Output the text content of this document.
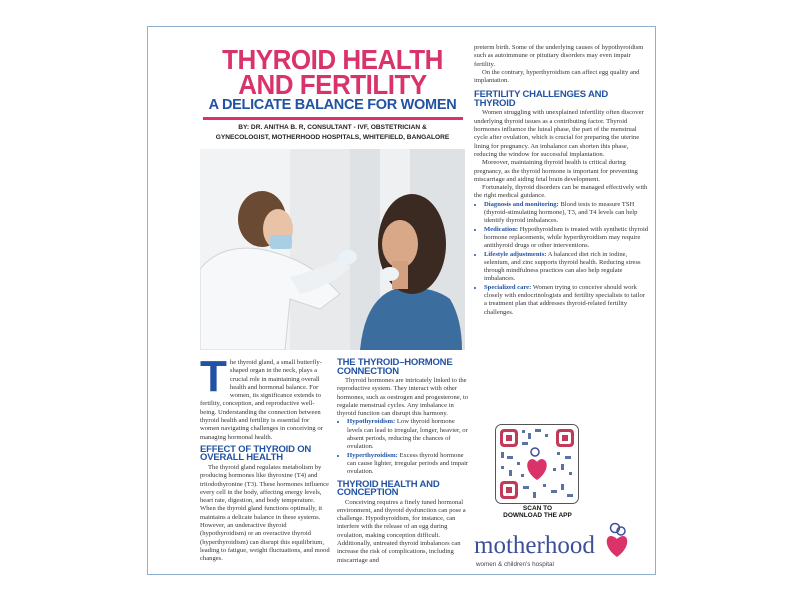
THYROID HEALTH
AND FERTILITY
A DELICATE BALANCE FOR WOMEN
BY: DR. ANITHA B. R, CONSULTANT - IVF, OBSTETRICIAN &
GYNECOLOGIST, MOTHERHOOD HOSPITALS, WHITEFIELD, BANGALORE
T he thyroid gland, a small butterfly-shaped organ in the neck, plays a crucial role in maintaining overall health and hormonal balance. For women, its significance extends to fertility, conception, and reproductive well-being. Understanding the connection between thyroid health and fertility is essential for women navigating challenges in conceiving or managing hormonal health.

EFFECT OF THYROID ON OVERALL HEALTH

The thyroid gland regulates metabolism by producing hormones like thyroxine (T4) and triiodothyronine (T3). These hormones influence every cell in the body, affecting energy levels, heart rate, digestion, and body temperature. When the thyroid gland functions optimally, it maintains a delicate balance in these systems. However, an underactive thyroid (hypothyroidism) or an overactive thyroid (hyperthyroidism) can disrupt this equilibrium, leading to fatigue, weight fluctuations, and mood changes.

THE THYROID–HORMONE CONNECTION

Thyroid hormones are intricately linked to the reproductive system. They interact with other hormones, such as oestrogen and progesterone, to regulate menstrual cycles. Any imbalance in thyroid function can disrupt this harmony.

• Hypothyroidism: Low thyroid hormone levels can lead to irregular, longer, heavier, or absent periods, reducing the chances of ovulation.
• Hyperthyroidism: Excess thyroid hormone can cause lighter, irregular periods and impair ovulation.
THYROID HEALTH AND CONCEPTION

Conceiving requires a finely tuned hormonal environment, and thyroid dysfunction can pose a challenge. Hypothyroidism, for instance, can interfere with the release of an egg during ovulation, making conception difficult. Additionally, untreated thyroid imbalances can increase the risk of complications, including miscarriage and

preterm birth. Some of the underlying causes of hypothyroidism such as autoimmune or pituitary disorders may even impair fertility.

On the contrary, hyperthyroidism can affect egg quality and implantation.

FERTILITY CHALLENGES AND THYROID

Women struggling with unexplained infertility often discover underlying thyroid issues as a contributing factor. Thyroid hormones influence the luteal phase, the part of the menstrual cycle after ovulation, which is crucial for preparing the uterine lining for pregnancy. An imbalance can shorten this phase, reducing the window for successful implantation.

Moreover, maintaining thyroid health is critical during pregnancy, as the thyroid hormone is important for preventing miscarriage and aiding fetal brain development.

Fortunately, thyroid disorders can be managed effectively with the right medical guidance.

• Diagnosis and monitoring: Blood tests to measure TSH (thyroid-stimulating hormone), T3, and T4 levels can help identify thyroid imbalances.
• Medication: Hypothyroidism is treated with synthetic thyroid hormone replacements, while hyperthyroidism may require antithyroid drugs or other interventions.
• Lifestyle adjustments: A balanced diet rich in iodine, selenium, and zinc supports thyroid health. Reducing stress through mindfulness practices can also help regulate imbalances.
• Specialized care: Women trying to conceive should work closely with endocrinologists and fertility specialists to tailor a treatment plan that addresses thyroid-related fertility challenges.
SCAN TO
DOWNLOAD THE APP
motherhood
women & children's hospital
